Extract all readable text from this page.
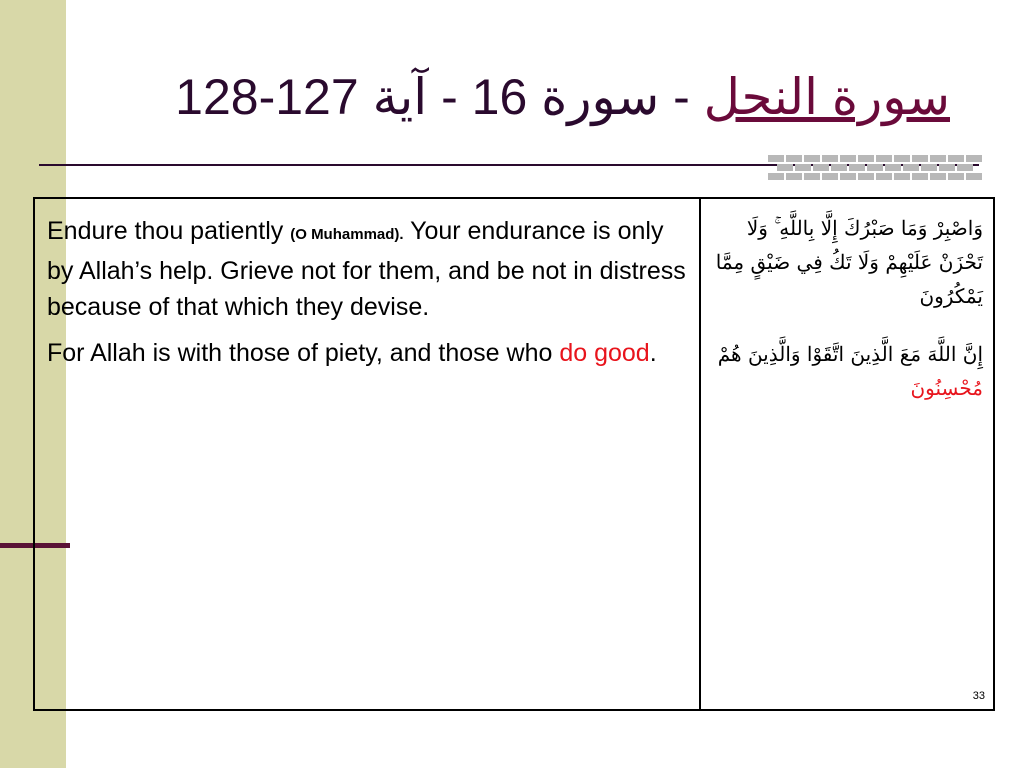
سورة النحل - سورة 16 - آية 127-128

Endure thou patiently (O Muhammad). Your endurance is only by Allah’s help. Grieve not for them, and be not in distress because of that which they devise.

For Allah is with those of piety, and those who do good.

وَاصْبِرْ وَمَا صَبْرُكَ إِلَّا بِاللَّهِ ۚ وَلَا تَحْزَنْ عَلَيْهِمْ وَلَا تَكُ فِي ضَيْقٍ مِمَّا يَمْكُرُونَ

إِنَّ اللَّهَ مَعَ الَّذِينَ اتَّقَوْا وَالَّذِينَ هُمْ مُحْسِنُونَ

33
